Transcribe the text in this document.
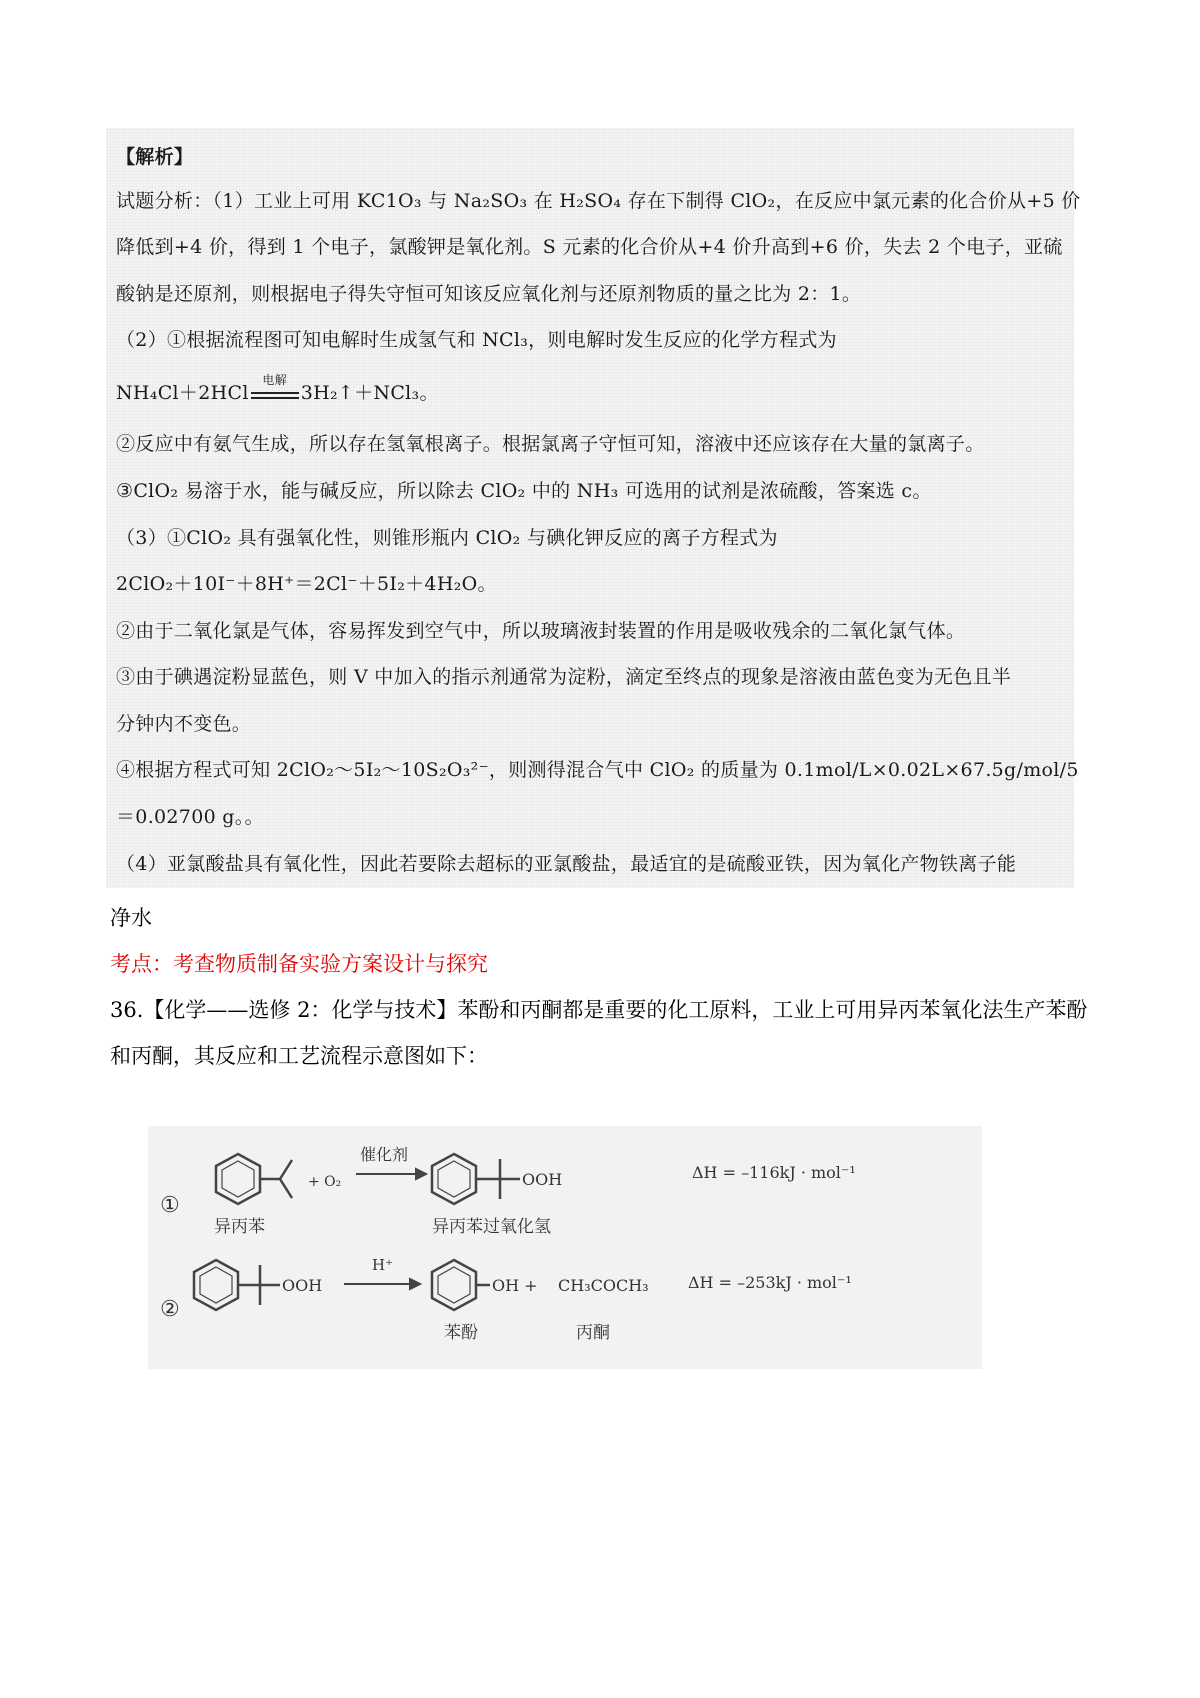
【解析】
试题分析：（1）工业上可用 KC1O₃ 与 Na₂SO₃ 在 H₂SO₄ 存在下制得 ClO₂，在反应中氯元素的化合价从+5 价
降低到+4 价，得到 1 个电子，氯酸钾是氧化剂。S 元素的化合价从+4 价升高到+6 价，失去 2 个电子，亚硫
酸钠是还原剂，则根据电子得失守恒可知该反应氧化剂与还原剂物质的量之比为 2：1。
（2）①根据流程图可知电解时生成氢气和 NCl₃，则电解时发生反应的化学方程式为
NH₄Cl＋2HCl
电解
3H₂↑＋NCl₃。
②反应中有氨气生成，所以存在氢氧根离子。根据氯离子守恒可知，溶液中还应该存在大量的氯离子。
③ClO₂ 易溶于水，能与碱反应，所以除去 ClO₂ 中的 NH₃ 可选用的试剂是浓硫酸，答案选 c。
（3）①ClO₂ 具有强氧化性，则锥形瓶内 ClO₂ 与碘化钾反应的离子方程式为
2ClO₂＋10I⁻＋8H⁺＝2Cl⁻＋5I₂＋4H₂O。
②由于二氧化氯是气体，容易挥发到空气中，所以玻璃液封装置的作用是吸收残余的二氧化氯气体。
③由于碘遇淀粉显蓝色，则 V 中加入的指示剂通常为淀粉，滴定至终点的现象是溶液由蓝色变为无色且半
分钟内不变色。
④根据方程式可知 2ClO₂～5I₂～10S₂O₃²⁻，则测得混合气中 ClO₂ 的质量为 0.1mol/L×0.02L×67.5g/mol/5
＝0.02700 g。。
（4）亚氯酸盐具有氧化性，因此若要除去超标的亚氯酸盐，最适宜的是硫酸亚铁，因为氧化产物铁离子能
净水
考点：考查物质制备实验方案设计与探究
36.【化学——选修 2：化学与技术】苯酚和丙酮都是重要的化工原料，工业上可用异丙苯氧化法生产苯酚
和丙酮，其反应和工艺流程示意图如下：
①
+ O₂
催化剂
OOH	ΔH = –116kJ · mol⁻¹
异丙苯	异丙苯过氧化氢
②
OOH
H⁺
OH + CH₃COCH₃ ΔH = –253kJ · mol⁻¹
苯酚	丙酮
